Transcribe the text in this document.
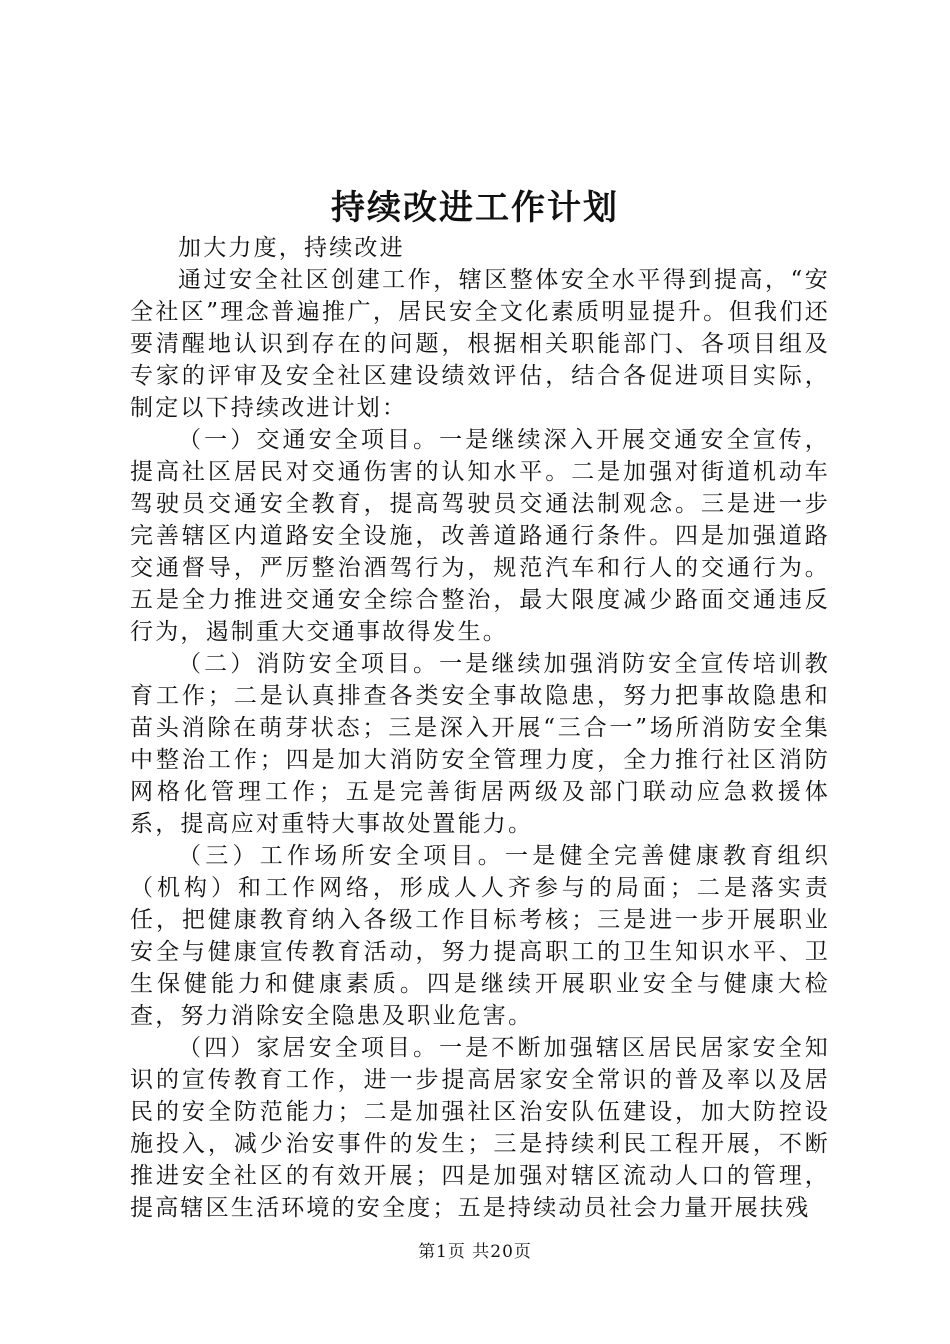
持续改进工作计划

加大力度，持续改进

通过安全社区创建工作，辖区整体安全水平得到提高，“安全社区”理念普遍推广，居民安全文化素质明显提升。但我们还要清醒地认识到存在的问题，根据相关职能部门、各项目组及专家的评审及安全社区建设绩效评估，结合各促进项目实际，制定以下持续改进计划：

（一）交通安全项目。一是继续深入开展交通安全宣传，提高社区居民对交通伤害的认知水平。二是加强对街道机动车驾驶员交通安全教育，提高驾驶员交通法制观念。三是进一步完善辖区内道路安全设施，改善道路通行条件。四是加强道路交通督导，严厉整治酒驾行为，规范汽车和行人的交通行为。五是全力推进交通安全综合整治，最大限度减少路面交通违反行为，遏制重大交通事故得发生。

（二）消防安全项目。一是继续加强消防安全宣传培训教育工作；二是认真排查各类安全事故隐患，努力把事故隐患和苗头消除在萌芽状态；三是深入开展“三合一”场所消防安全集中整治工作；四是加大消防安全管理力度，全力推行社区消防网格化管理工作；五是完善街居两级及部门联动应急救援体系，提高应对重特大事故处置能力。

（三）工作场所安全项目。一是健全完善健康教育组织（机构）和工作网络，形成人人齐参与的局面；二是落实责任，把健康教育纳入各级工作目标考核；三是进一步开展职业安全与健康宣传教育活动，努力提高职工的卫生知识水平、卫生保健能力和健康素质。四是继续开展职业安全与健康大检查，努力消除安全隐患及职业危害。

（四）家居安全项目。一是不断加强辖区居民居家安全知识的宣传教育工作，进一步提高居家安全常识的普及率以及居民的安全防范能力；二是加强社区治安队伍建设，加大防控设施投入，减少治安事件的发生；三是持续利民工程开展，不断推进安全社区的有效开展；四是加强对辖区流动人口的管理，提高辖区生活环境的安全度；五是持续动员社会力量开展扶残

第1页 共20页
